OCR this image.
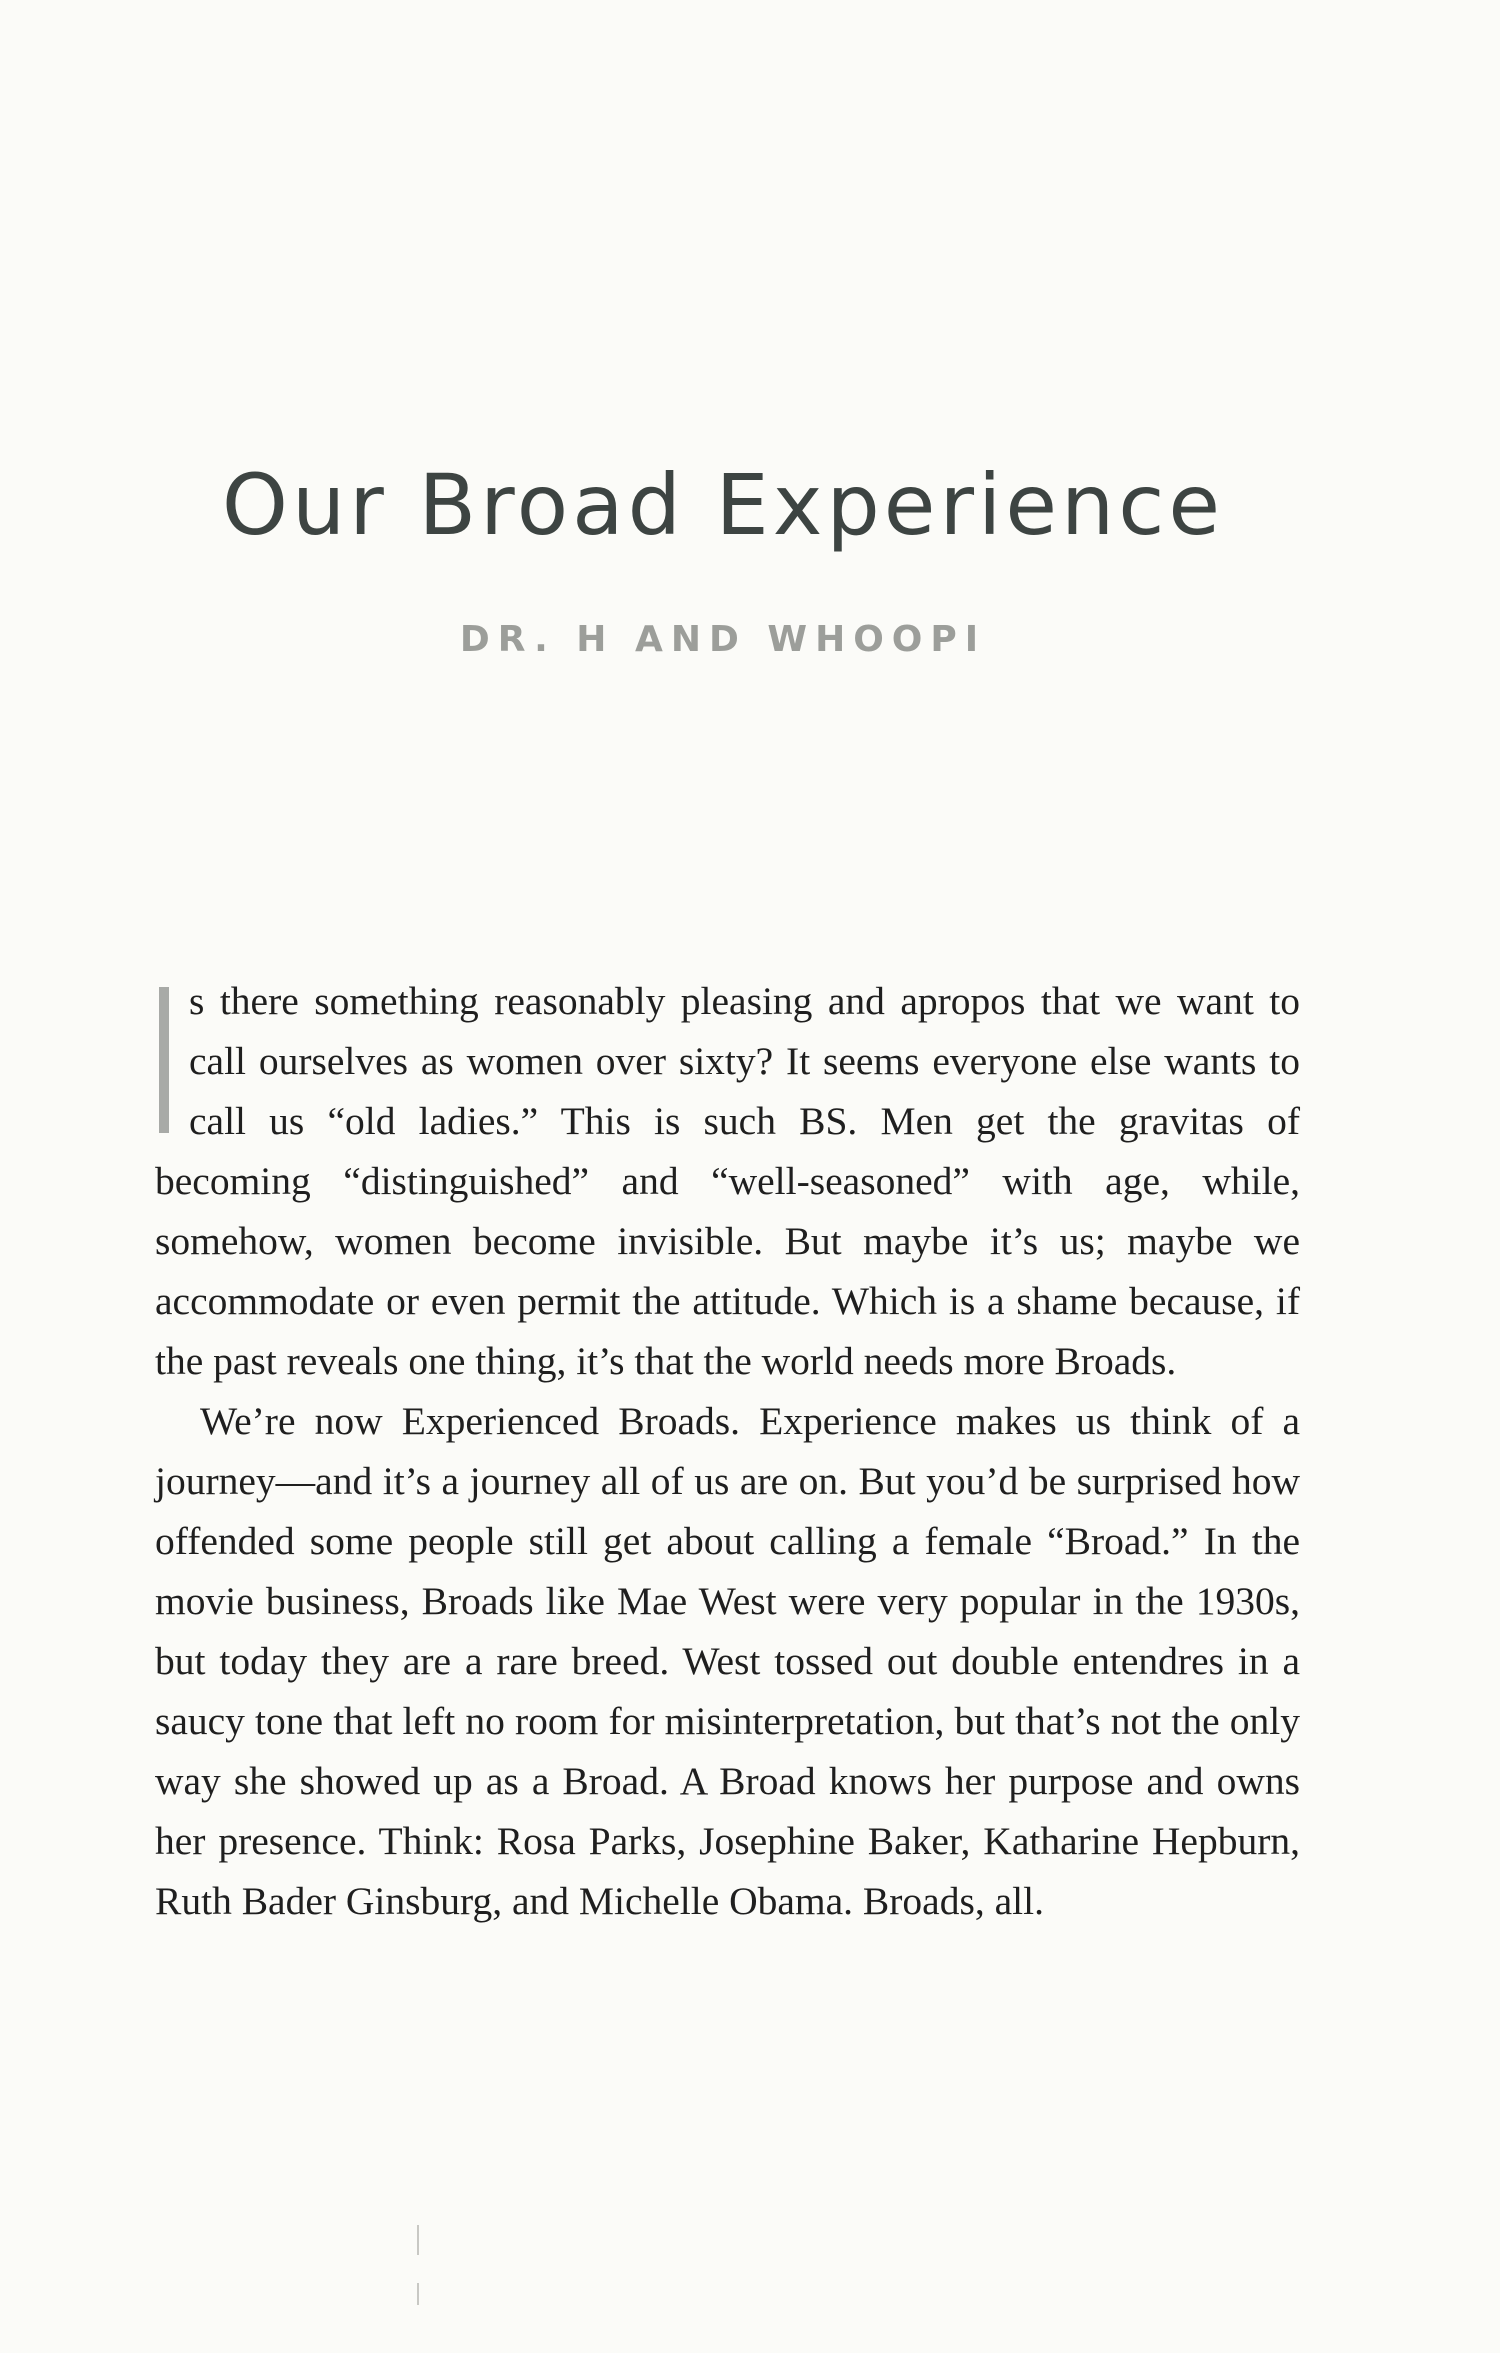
Our Broad Experience
DR. H AND WHOOPI

s there something reasonably pleasing and apropos that we want to call ourselves as women over sixty? It seems everyone else wants to call us “old ladies.” This is such BS. Men get the gravitas of becoming “distinguished” and “well-seasoned” with age, while, somehow, women become invisible. But maybe it’s us; maybe we accommodate or even permit the attitude. Which is a shame because, if the past reveals one thing, it’s that the world needs more Broads.

We’re now Experienced Broads. Experience makes us think of a journey—and it’s a journey all of us are on. But you’d be surprised how offended some people still get about calling a female “Broad.” In the movie business, Broads like Mae West were very popular in the 1930s, but today they are a rare breed. West tossed out double entendres in a saucy tone that left no room for misinterpretation, but that’s not the only way she showed up as a Broad. A Broad knows her purpose and owns her presence. Think: Rosa Parks, Josephine Baker, Katharine Hepburn, Ruth Bader Ginsburg, and Michelle Obama. Broads, all.
